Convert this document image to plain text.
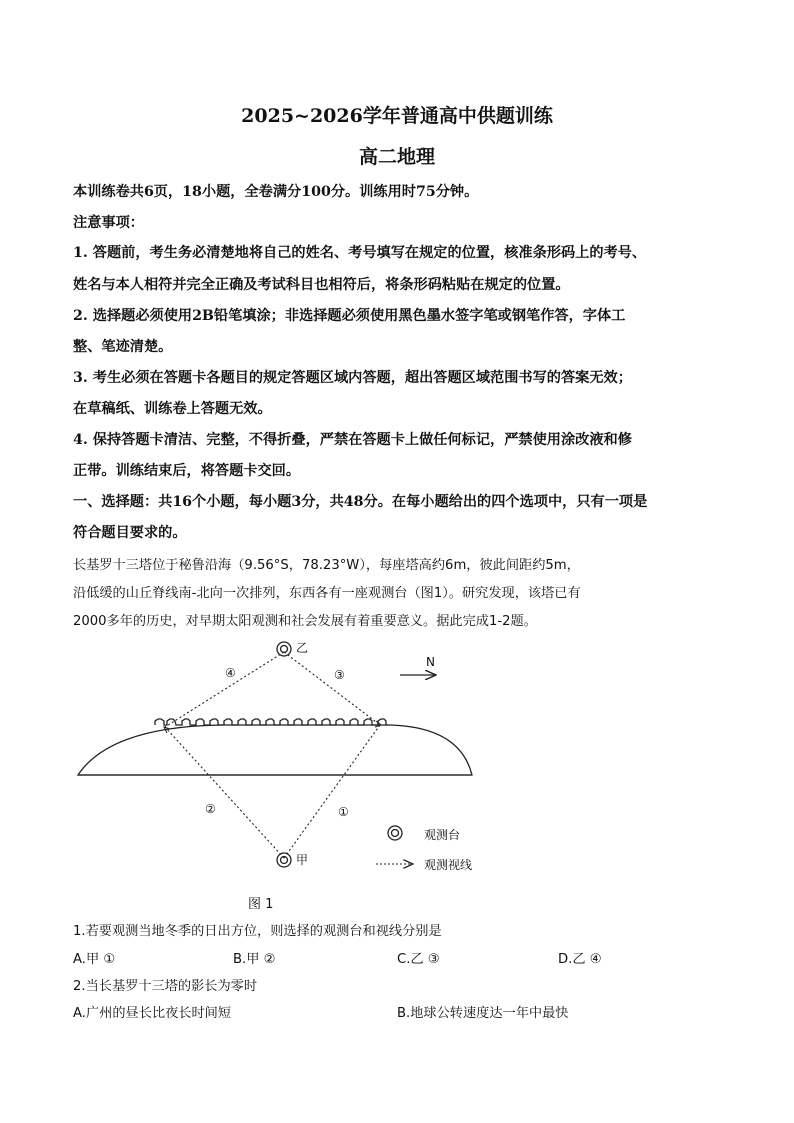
2025~2026学年普通高中供题训练
高二地理
本训练卷共6页，18小题，全卷满分100分。训练用时75分钟。
注意事项：
1. 答题前，考生务必清楚地将自己的姓名、考号填写在规定的位置，核准条形码上的考号、
姓名与本人相符并完全正确及考试科目也相符后，将条形码粘贴在规定的位置。
2. 选择题必须使用2B铅笔填涂；非选择题必须使用黑色墨水签字笔或钢笔作答，字体工
整、笔迹清楚。
3. 考生必须在答题卡各题目的规定答题区域内答题，超出答题区域范围书写的答案无效；
在草稿纸、训练卷上答题无效。
4. 保持答题卡清洁、完整，不得折叠，严禁在答题卡上做任何标记，严禁使用涂改液和修
正带。训练结束后，将答题卡交回。
一、选择题：共16个小题，每小题3分，共48分。在每小题给出的四个选项中，只有一项是
符合题目要求的。
长基罗十三塔位于秘鲁沿海（9.56°S，78.23°W），每座塔高约6m，彼此间距约5m，
沿低缓的山丘脊线南-北向一次排列，东西各有一座观测台（图1）。研究发现，该塔已有
2000多年的历史，对早期太阳观测和社会发展有着重要意义。据此完成1-2题。
乙
甲
N
④	③
②	①
观测台
观测视线
图 1
1.若要观测当地冬季的日出方位，则选择的观测台和视线分别是
A.甲 ①	B.甲 ②	C.乙 ③	D.乙 ④
2.当长基罗十三塔的影长为零时
A.广州的昼长比夜长时间短	B.地球公转速度达一年中最快
